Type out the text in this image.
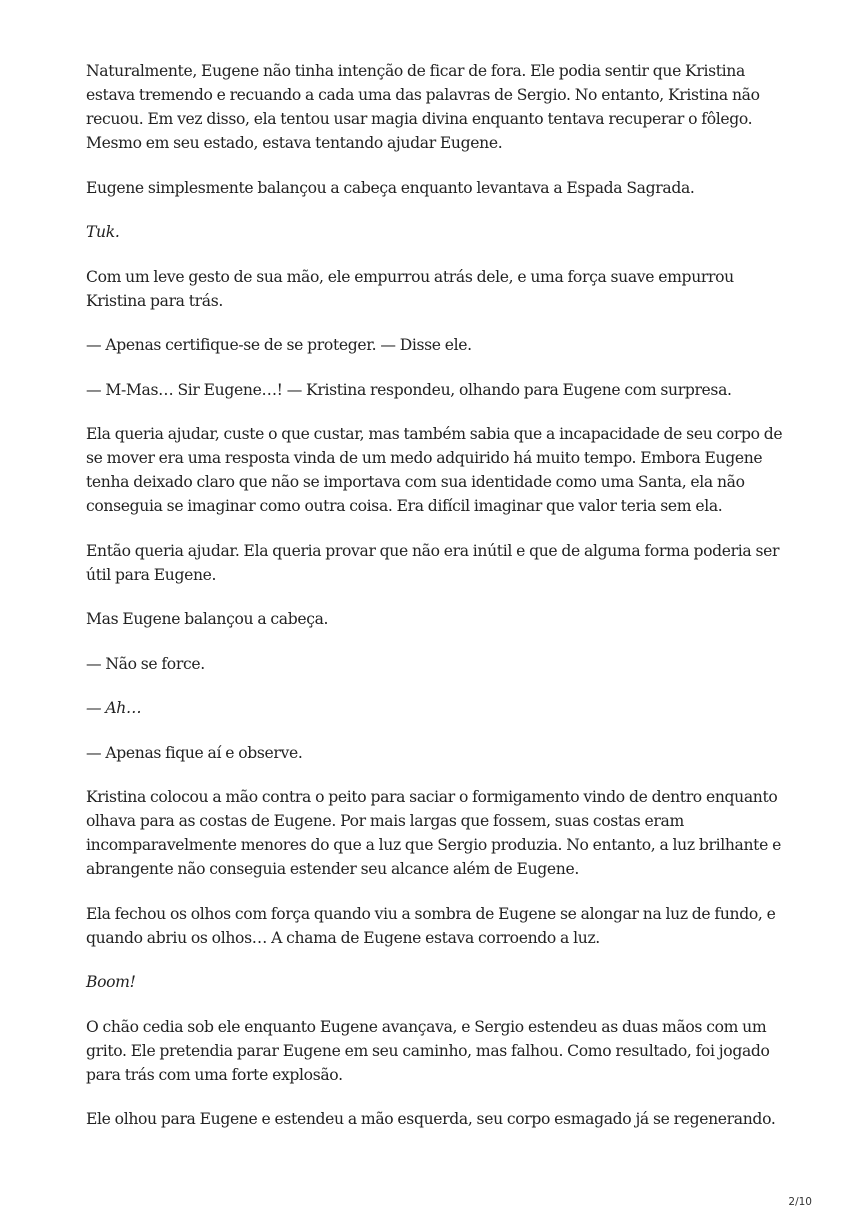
Naturalmente, Eugene não tinha intenção de ficar de fora. Ele podia sentir que Kristina estava tremendo e recuando a cada uma das palavras de Sergio. No entanto, Kristina não recuou. Em vez disso, ela tentou usar magia divina enquanto tentava recuperar o fôlego. Mesmo em seu estado, estava tentando ajudar Eugene.

Eugene simplesmente balançou a cabeça enquanto levantava a Espada Sagrada.

Tuk.

Com um leve gesto de sua mão, ele empurrou atrás dele, e uma força suave empurrou Kristina para trás.

— Apenas certifique-se de se proteger. — Disse ele.

— M-Mas… Sir Eugene…! — Kristina respondeu, olhando para Eugene com surpresa.

Ela queria ajudar, custe o que custar, mas também sabia que a incapacidade de seu corpo de se mover era uma resposta vinda de um medo adquirido há muito tempo. Embora Eugene tenha deixado claro que não se importava com sua identidade como uma Santa, ela não conseguia se imaginar como outra coisa. Era difícil imaginar que valor teria sem ela.

Então queria ajudar. Ela queria provar que não era inútil e que de alguma forma poderia ser útil para Eugene.

Mas Eugene balançou a cabeça.

— Não se force.

— Ah…

— Apenas fique aí e observe.

Kristina colocou a mão contra o peito para saciar o formigamento vindo de dentro enquanto olhava para as costas de Eugene. Por mais largas que fossem, suas costas eram incomparavelmente menores do que a luz que Sergio produzia. No entanto, a luz brilhante e abrangente não conseguia estender seu alcance além de Eugene.

Ela fechou os olhos com força quando viu a sombra de Eugene se alongar na luz de fundo, e quando abriu os olhos… A chama de Eugene estava corroendo a luz.

Boom!

O chão cedia sob ele enquanto Eugene avançava, e Sergio estendeu as duas mãos com um grito. Ele pretendia parar Eugene em seu caminho, mas falhou. Como resultado, foi jogado para trás com uma forte explosão.

Ele olhou para Eugene e estendeu a mão esquerda, seu corpo esmagado já se regenerando.

2/10
